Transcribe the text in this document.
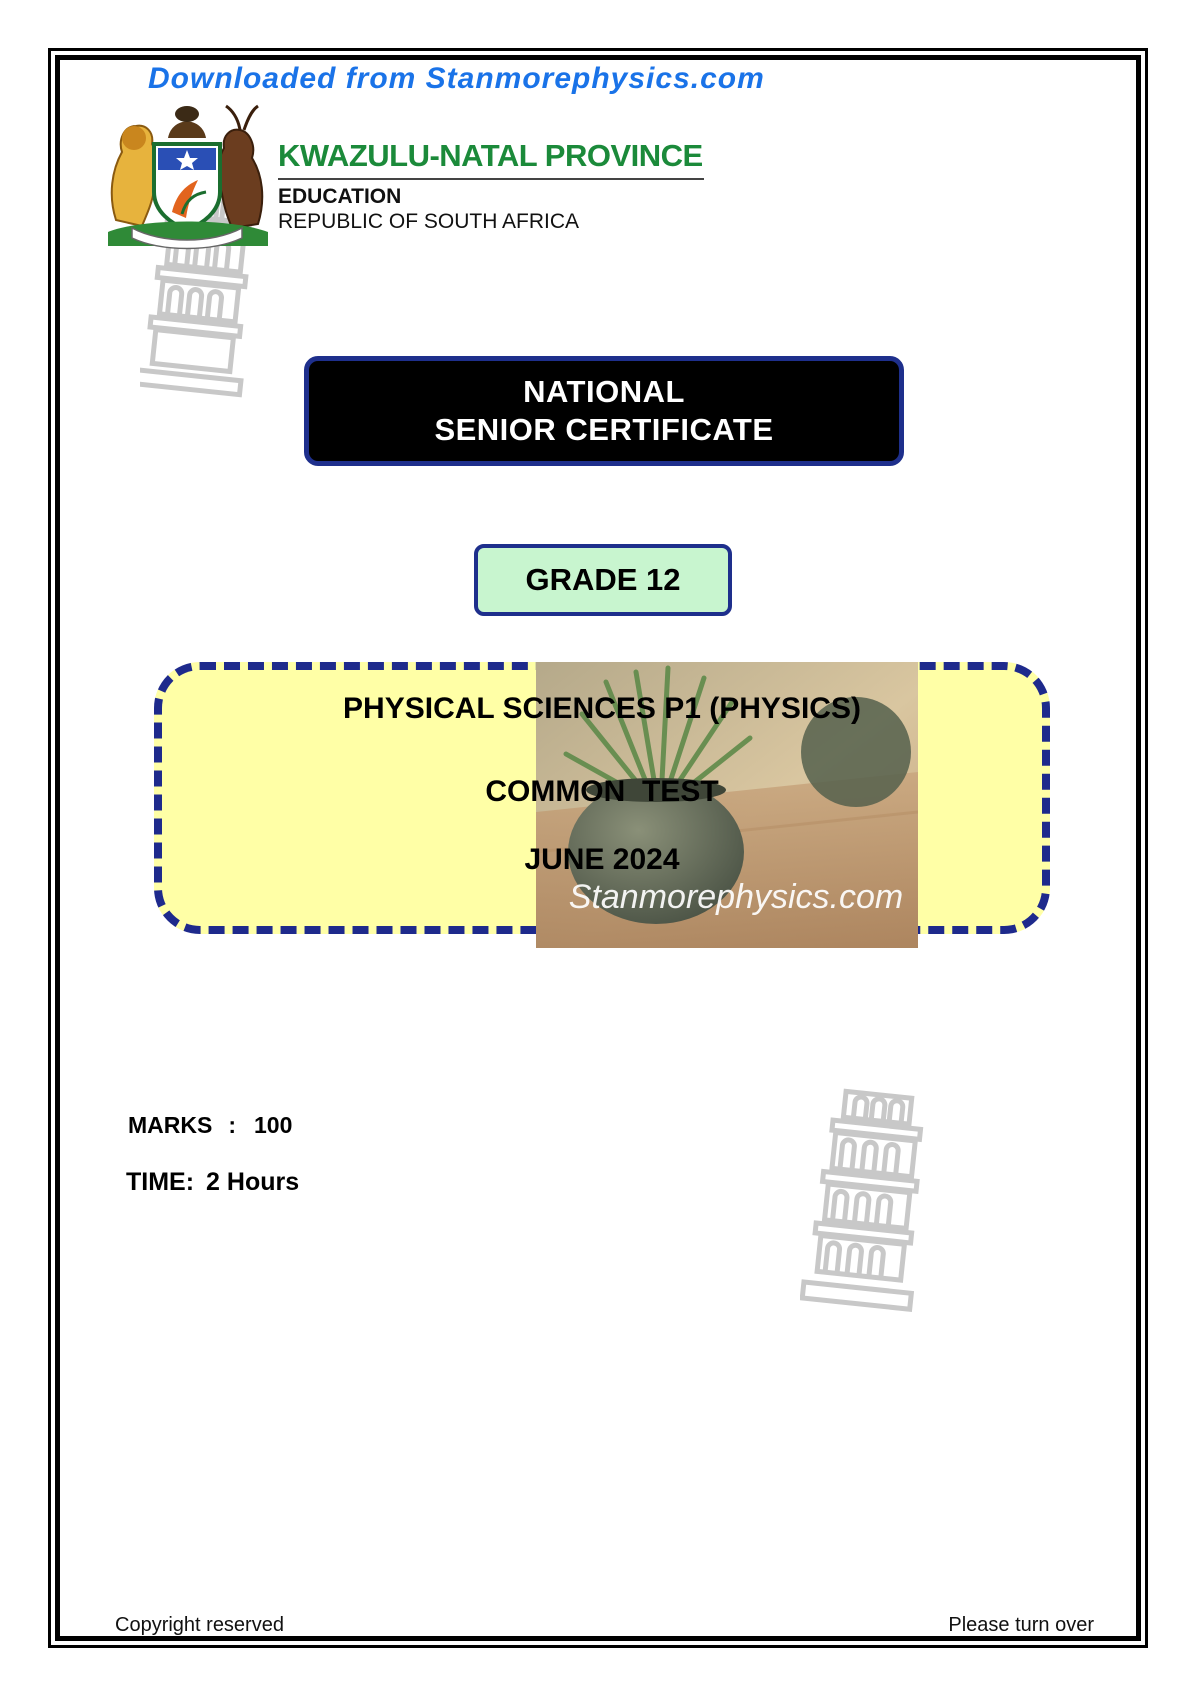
Downloaded from Stanmorephysics.com
KWAZULU-NATAL PROVINCE
EDUCATION
REPUBLIC OF SOUTH AFRICA
NATIONAL
SENIOR CERTIFICATE
GRADE 12
Stanmorephysics.com
PHYSICAL SCIENCES P1 (PHYSICS)
COMMON  TEST
JUNE 2024
MARKS : 100
TIME: 2 Hours
Copyright reserved	Please turn over
